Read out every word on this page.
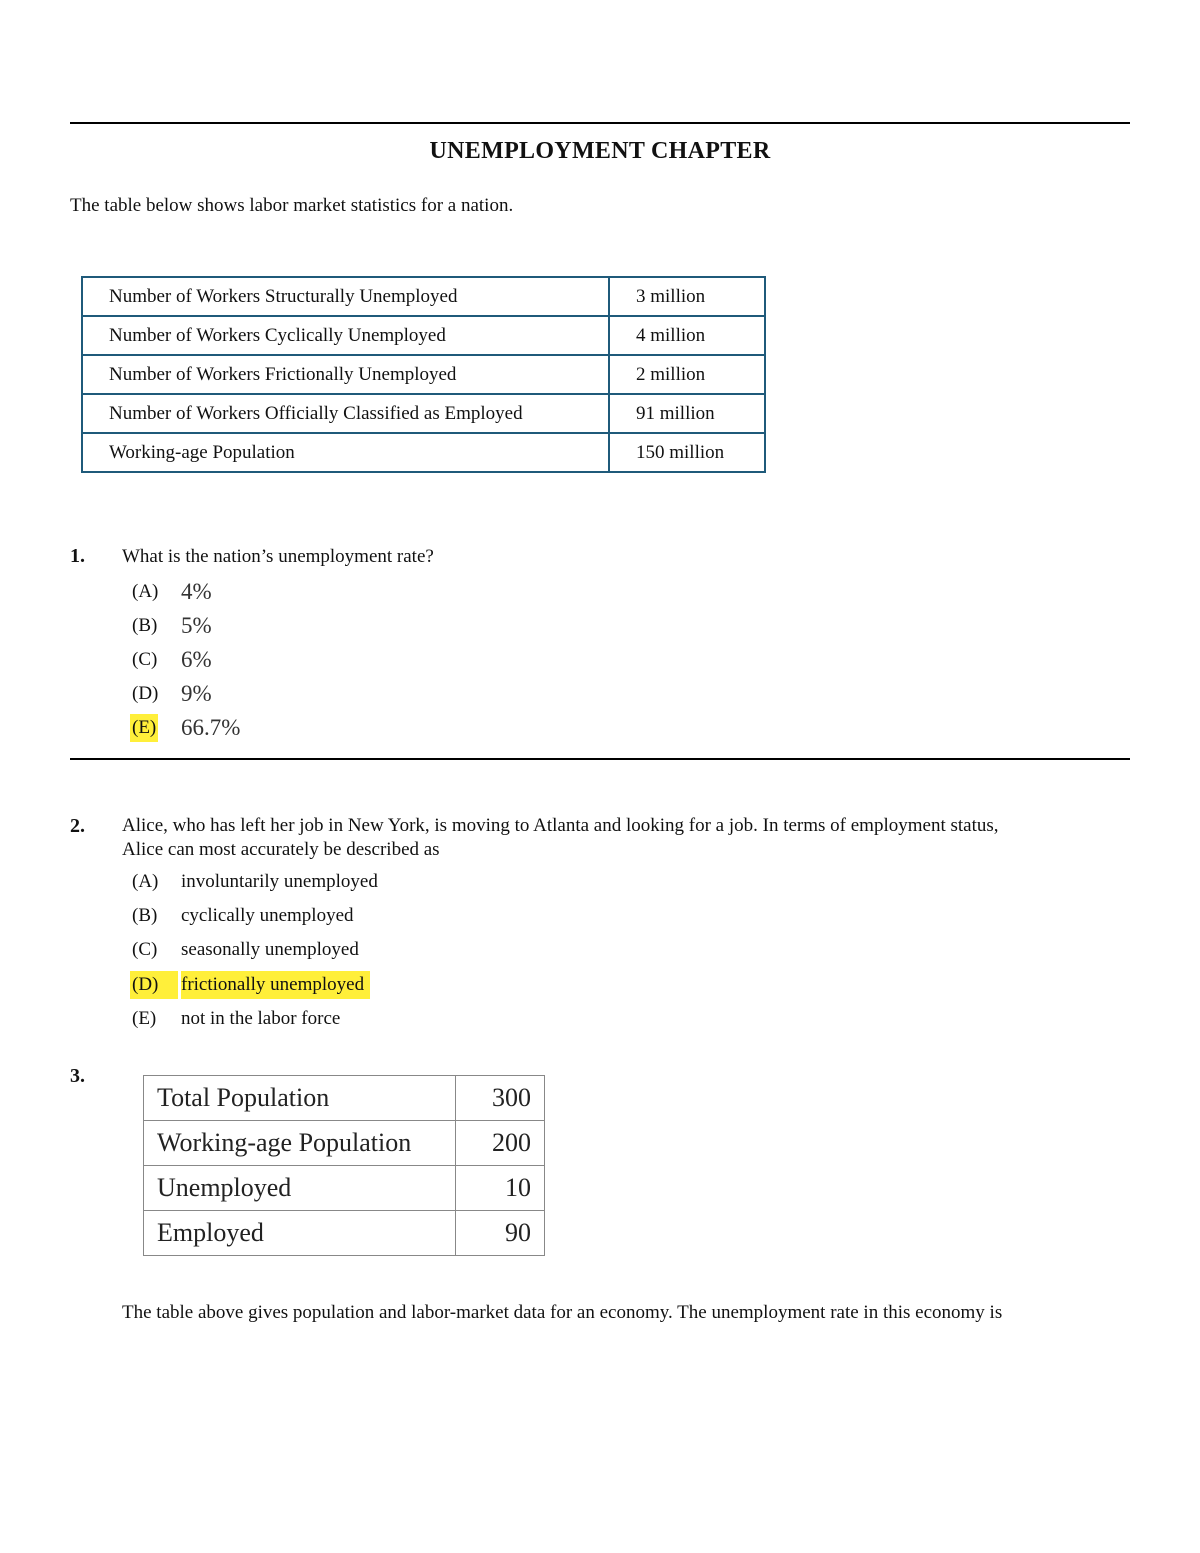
UNEMPLOYMENT CHAPTER
The table below shows labor market statistics for a nation.
Number of Workers Structurally Unemployed	3 million
Number of Workers Cyclically Unemployed	4 million
Number of Workers Frictionally Unemployed	2 million
Number of Workers Officially Classified as Employed	91 million
Working-age Population	150 million
1. What is the nation’s unemployment rate?
(A) 4%
(B) 5%
(C) 6%
(D) 9%
(E) 66.7%
2. Alice, who has left her job in New York, is moving to Atlanta and looking for a job. In terms of employment status,
Alice can most accurately be described as
(A) involuntarily unemployed
(B) cyclically unemployed
(C) seasonally unemployed
(D) frictionally unemployed
(E) not in the labor force
3.
Total Population	300
Working-age Population	200
Unemployed	10
Employed	90
The table above gives population and labor-market data for an economy. The unemployment rate in this economy is
